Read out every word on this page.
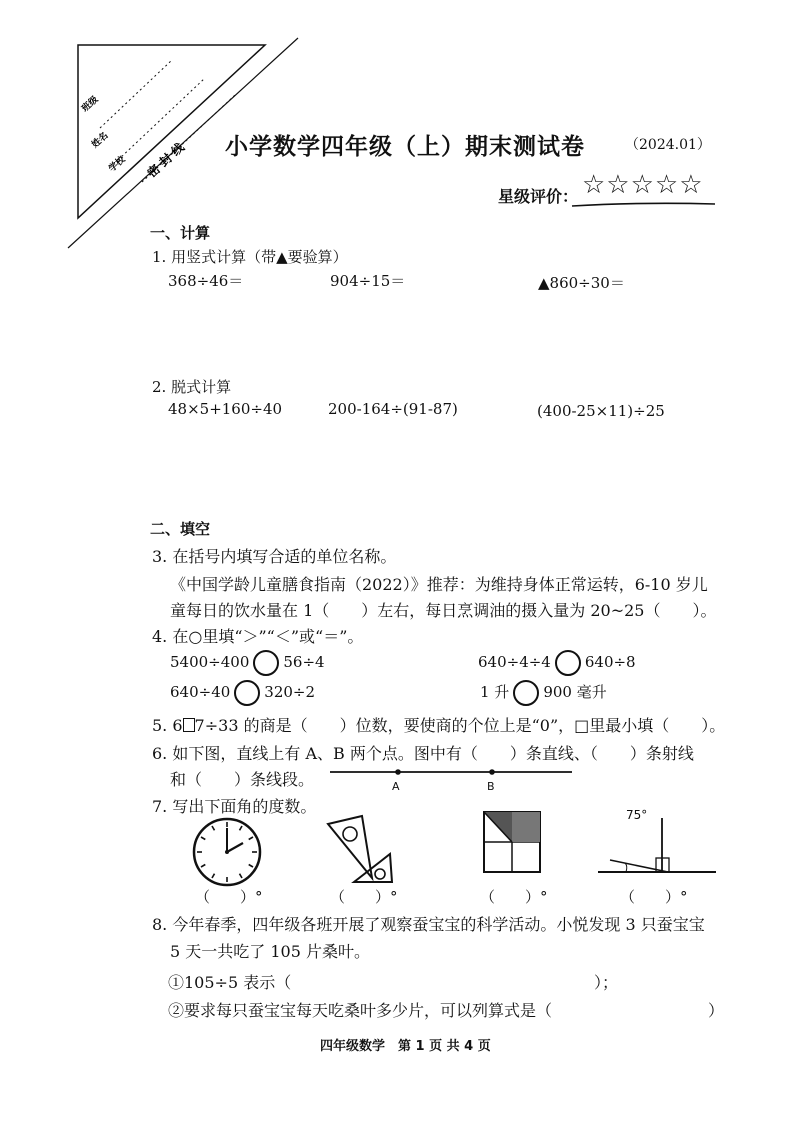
班级
姓名
学校 密 封 线 小学数学四年级（上）期末测试卷	（2024.01）
星级评价： ☆☆☆☆☆
一、计算
1. 用竖式计算（带▲要验算）
368÷46＝	904÷15＝	▲860÷30＝
2. 脱式计算
48×5+160÷40	200-164÷(91-87)	(400-25×11)÷25
二、填空
3. 在括号内填写合适的单位名称。
《中国学龄儿童膳食指南（2022）》推荐：为维持身体正常运转，6-10 岁儿
童每日的饮水量在 1（　　）左右，每日烹调油的摄入量为 20~25（　　）。
4. 在○里填“＞”“＜”或“＝”。
5400÷400 56÷4	640÷4÷4 640÷8
640÷40 320÷2	1 升 900 毫升
5. 6 7÷33 的商是（　　）位数，要使商的个位上是“0”，□里最小填（　　）。
6. 如下图，直线上有 A、B 两个点。图中有（　　）条直线、（　　）条射线
和（　　）条线段。	A	B
7. 写出下面角的度数。	75°
（　　）°	（　　）°	（　　）°	（　　）°
8. 今年春季，四年级各班开展了观察蚕宝宝的科学活动。小悦发现 3 只蚕宝宝
5 天一共吃了 105 片桑叶。
①105÷5 表示（	）；
②要求每只蚕宝宝每天吃桑叶多少片，可以列算式是（	）
四年级数学　第 1 页 共 4 页
